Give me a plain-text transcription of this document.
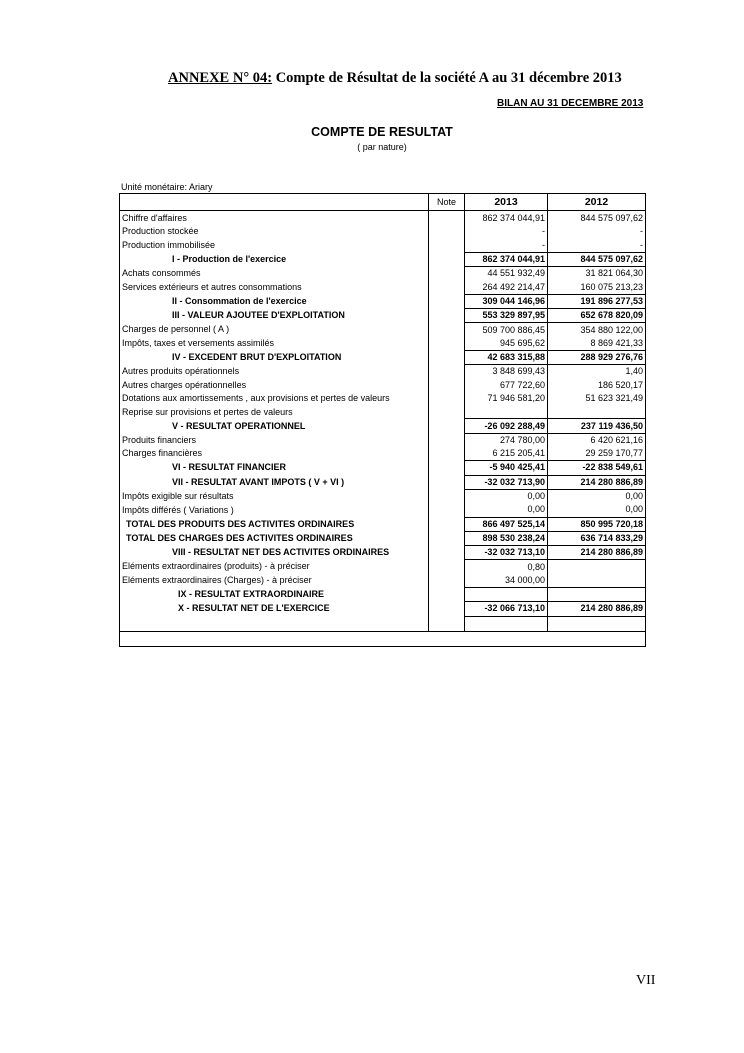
ANNEXE N° 04: Compte de Résultat de la société A au 31 décembre 2013
BILAN AU 31 DECEMBRE 2013
COMPTE DE RESULTAT
( par nature)
Unité monétaire: Ariary
	Note	2013	2012
Chiffre d'affaires		862 374 044,91	844 575 097,62
Production stockée		-	-
Production immobilisée		-	-
I - Production de l'exercice		862 374 044,91	844 575 097,62
Achats consommés		44 551 932,49	31 821 064,30
Services extérieurs et autres consommations		264 492 214,47	160 075 213,23
II - Consommation de l'exercice		309 044 146,96	191 896 277,53
III - VALEUR AJOUTEE D'EXPLOITATION		553 329 897,95	652 678 820,09
Charges de personnel ( A )		509 700 886,45	354 880 122,00
Impôts, taxes et versements assimilés		945 695,62	8 869 421,33
IV - EXCEDENT BRUT D'EXPLOITATION		42 683 315,88	288 929 276,76
Autres produits opérationnels		3 848 699,43	1,40
Autres charges opérationnelles		677 722,60	186 520,17
Dotations aux amortissements , aux provisions et pertes de valeurs		71 946 581,20	51 623 321,49
Reprise sur provisions et pertes de valeurs			
V - RESULTAT OPERATIONNEL		-26 092 288,49	237 119 436,50
Produits financiers		274 780,00	6 420 621,16
Charges financières		6 215 205,41	29 259 170,77
VI - RESULTAT FINANCIER		-5 940 425,41	-22 838 549,61
VII - RESULTAT AVANT IMPOTS ( V + VI )		-32 032 713,90	214 280 886,89
Impôts exigible sur résultats		0,00	0,00
Impôts différés ( Variations )		0,00	0,00
TOTAL DES PRODUITS DES ACTIVITES ORDINAIRES		866 497 525,14	850 995 720,18
TOTAL DES CHARGES DES ACTIVITES ORDINAIRES		898 530 238,24	636 714 833,29
VIII - RESULTAT NET DES ACTIVITES ORDINAIRES		-32 032 713,10	214 280 886,89
Eléments extraordinaires (produits) - à préciser		0,80	
Eléments extraordinaires (Charges) - à préciser		34 000,00	
IX - RESULTAT EXTRAORDINAIRE			
X - RESULTAT NET DE L'EXERCICE		-32 066 713,10	214 280 886,89

VII
